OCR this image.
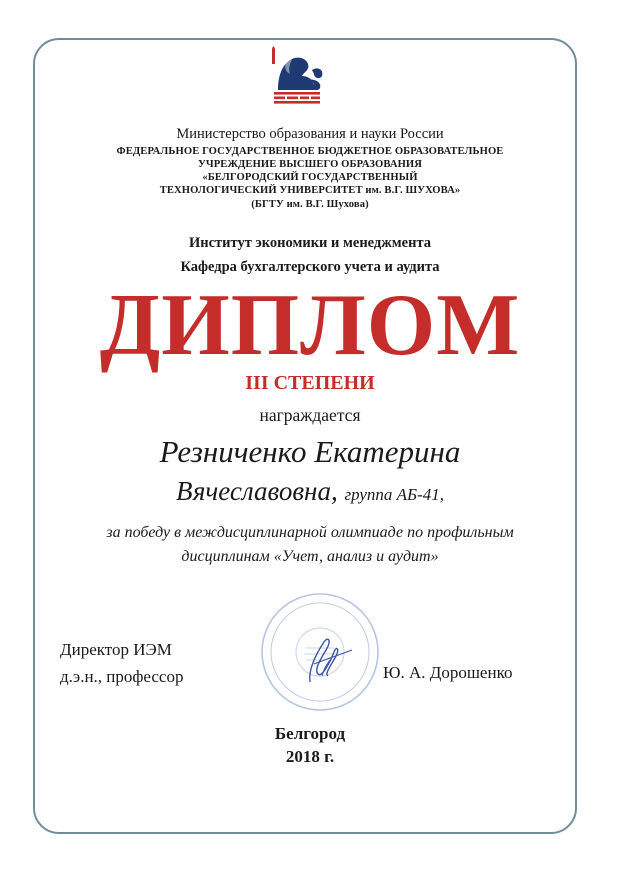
Министерство образования и науки России
ФЕДЕРАЛЬНОЕ ГОСУДАРСТВЕННОЕ БЮДЖЕТНОЕ ОБРАЗОВАТЕЛЬНОЕ
УЧРЕЖДЕНИЕ ВЫСШЕГО ОБРАЗОВАНИЯ
«БЕЛГОРОДСКИЙ ГОСУДАРСТВЕННЫЙ
ТЕХНОЛОГИЧЕСКИЙ УНИВЕРСИТЕТ им. В.Г. ШУХОВА»
(БГТУ им. В.Г. Шухова)
Институт экономики и менеджмента
Кафедра бухгалтерского учета и аудита
ДИПЛОМ
III СТЕПЕНИ
награждается
Резниченко Екатерина
Вячеславовна, группа АБ-41,
за победу в междисциплинарной олимпиаде по профильным
дисциплинам «Учет, анализ и аудит»
Директор ИЭМ
д.э.н., профессор	Ю. А. Дорошенко
Белгород
2018 г.
